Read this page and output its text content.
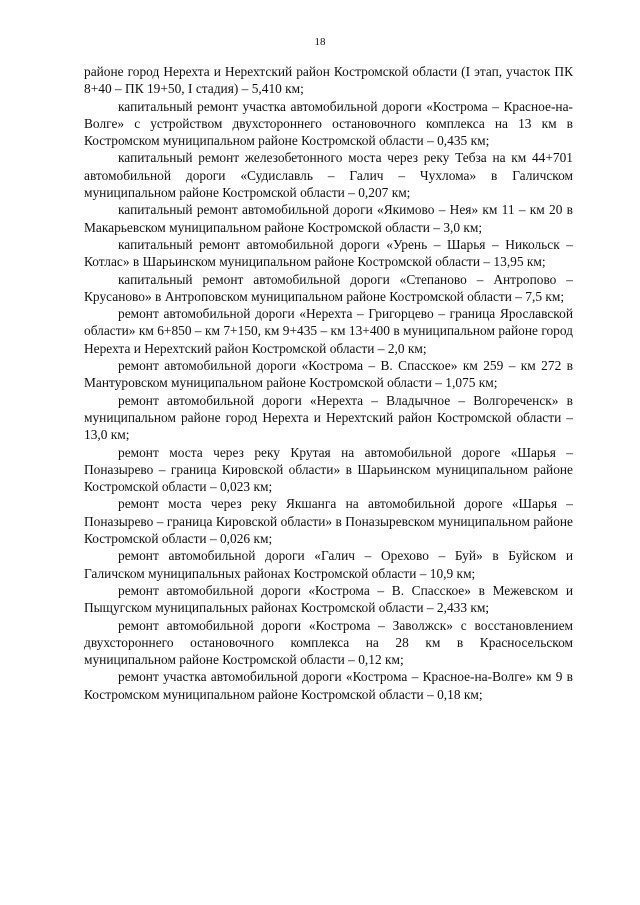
18

районе город Нерехта и Нерехтский район Костромской области (I этап, участок ПК 8+40 – ПК 19+50, I стадия) – 5,410 км;

капитальный ремонт участка автомобильной дороги «Кострома – Красное-на-Волге» с устройством двухстороннего остановочного комплекса на 13 км в Костромском муниципальном районе Костромской области – 0,435 км;

капитальный ремонт железобетонного моста через реку Тебза на км 44+701 автомобильной дороги «Судиславль – Галич – Чухлома» в Галичском муниципальном районе Костромской области – 0,207 км;

капитальный ремонт автомобильной дороги «Якимово – Нея» км 11 – км 20 в Макарьевском муниципальном районе Костромской области – 3,0 км;

капитальный ремонт автомобильной дороги «Урень – Шарья – Никольск – Котлас» в Шарьинском муниципальном районе Костромской области – 13,95 км;

капитальный ремонт автомобильной дороги «Степаново – Антропово – Крусаново» в Антроповском муниципальном районе Костромской области – 7,5 км;

ремонт автомобильной дороги «Нерехта – Григорцево – граница Ярославской области» км 6+850 – км 7+150, км 9+435 – км 13+400 в муниципальном районе город Нерехта и Нерехтский район Костромской области – 2,0 км;

ремонт автомобильной дороги «Кострома – В. Спасское» км 259 – км 272 в Мантуровском муниципальном районе Костромской области – 1,075 км;

ремонт автомобильной дороги «Нерехта – Владычное – Волгореченск» в муниципальном районе город Нерехта и Нерехтский район Костромской области – 13,0 км;

ремонт моста через реку Крутая на автомобильной дороге «Шарья – Поназырево – граница Кировской области» в Шарьинском муниципальном районе Костромской области – 0,023 км;

ремонт моста через реку Якшанга на автомобильной дороге «Шарья – Поназырево – граница Кировской области» в Поназыревском муниципальном районе Костромской области – 0,026 км;

ремонт автомобильной дороги «Галич – Орехово – Буй» в Буйском и Галичском муниципальных районах Костромской области – 10,9 км;

ремонт автомобильной дороги «Кострома – В. Спасское» в Межевском и Пыщугском муниципальных районах Костромской области – 2,433 км;

ремонт автомобильной дороги «Кострома – Заволжск» с восстановлением двухстороннего остановочного комплекса на 28 км в Красносельском муниципальном районе Костромской области – 0,12 км;

ремонт участка автомобильной дороги «Кострома – Красное-на-Волге» км 9 в Костромском муниципальном районе Костромской области – 0,18 км;
